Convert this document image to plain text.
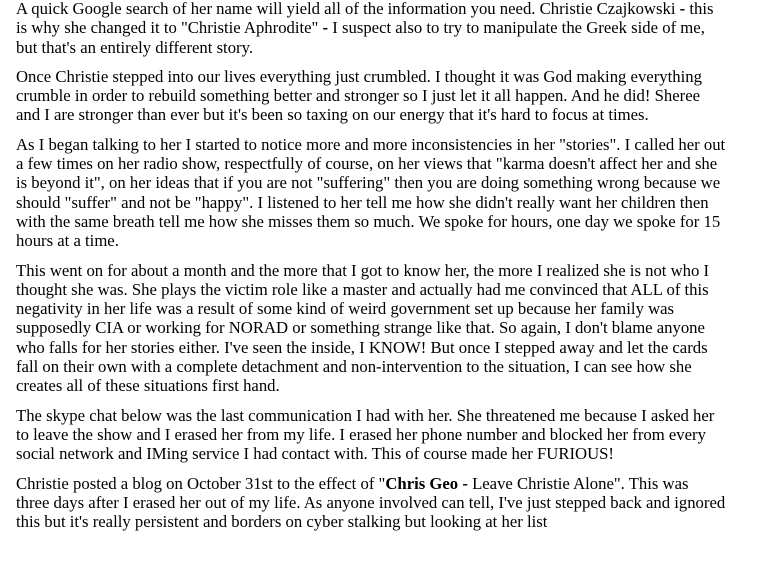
A quick Google search of her name will yield all of the information you need. Christie Czajkowski - this is why she changed it to "Christie Aphrodite" - I suspect also to try to manipulate the Greek side of me, but that's an entirely different story.

Once Christie stepped into our lives everything just crumbled. I thought it was God making everything crumble in order to rebuild something better and stronger so I just let it all happen. And he did! Sheree and I are stronger than ever but it's been so taxing on our energy that it's hard to focus at times.

As I began talking to her I started to notice more and more inconsistencies in her "stories". I called her out a few times on her radio show, respectfully of course, on her views that "karma doesn't affect her and she is beyond it", on her ideas that if you are not "suffering" then you are doing something wrong because we should "suffer" and not be "happy". I listened to her tell me how she didn't really want her children then with the same breath tell me how she misses them so much. We spoke for hours, one day we spoke for 15 hours at a time.

This went on for about a month and the more that I got to know her, the more I realized she is not who I thought she was. She plays the victim role like a master and actually had me convinced that ALL of this negativity in her life was a result of some kind of weird government set up because her family was supposedly CIA or working for NORAD or something strange like that. So again, I don't blame anyone who falls for her stories either. I've seen the inside, I KNOW! But once I stepped away and let the cards fall on their own with a complete detachment and non-intervention to the situation, I can see how she creates all of these situations first hand.

The skype chat below was the last communication I had with her. She threatened me because I asked her to leave the show and I erased her from my life. I erased her phone number and blocked her from every social network and IMing service I had contact with. This of course made her FURIOUS!

Christie posted a blog on October 31st to the effect of "Chris Geo - Leave Christie Alone". This was three days after I erased her out of my life. As anyone involved can tell, I've just stepped back and ignored this but it's really persistent and borders on cyber stalking but looking at her list
